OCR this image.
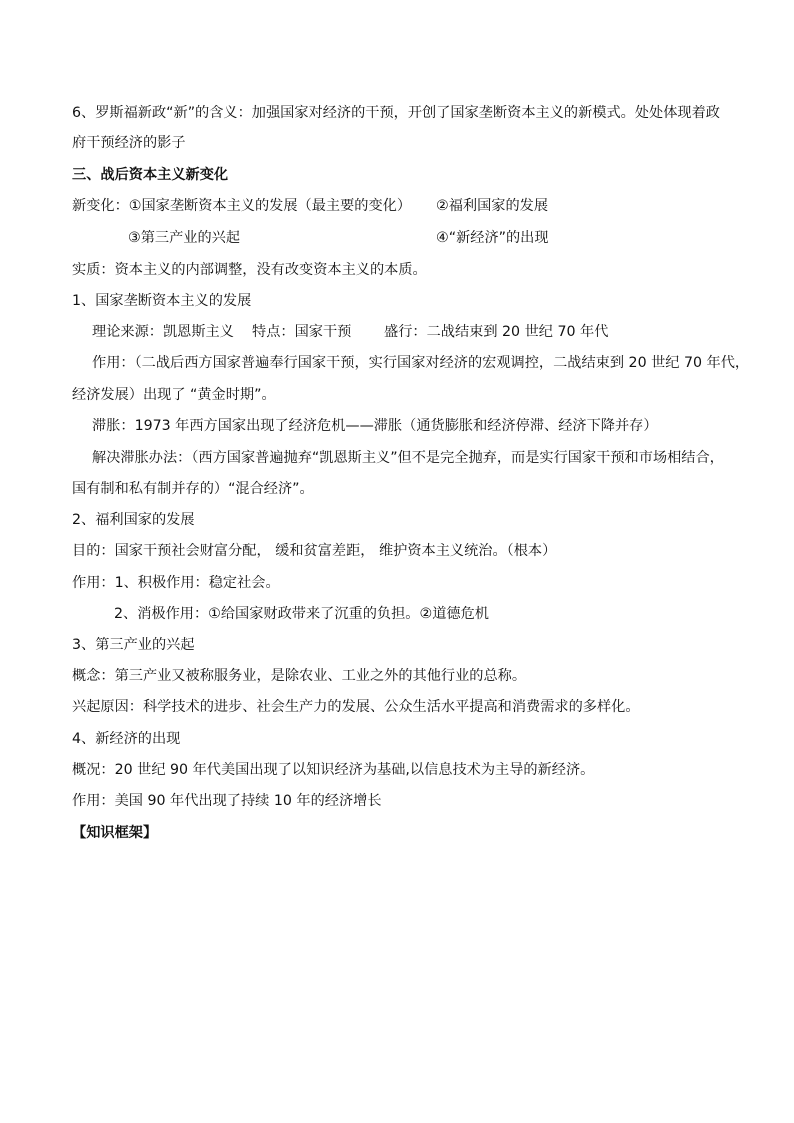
6、罗斯福新政“新”的含义：加强国家对经济的干预，开创了国家垄断资本主义的新模式。处处体现着政
府干预经济的影子
三、战后资本主义新变化
新变化：①国家垄断资本主义的发展（最主要的变化） ②福利国家的发展
③第三产业的兴起	④“新经济”的出现
实质：资本主义的内部调整，没有改变资本主义的本质。
1、国家垄断资本主义的发展
理论来源：凯恩斯主义 特点：国家干预 盛行：二战结束到 20 世纪 70 年代
作用：（二战后西方国家普遍奉行国家干预，实行国家对经济的宏观调控，二战结束到 20 世纪 70 年代，
经济发展）出现了 “黄金时期”。
滞胀：1973 年西方国家出现了经济危机——滞胀（通货膨胀和经济停滞、经济下降并存）
解决滞胀办法：（西方国家普遍抛弃“凯恩斯主义”但不是完全抛弃，而是实行国家干预和市场相结合，
国有制和私有制并存的）“混合经济”。
2、福利国家的发展
目的：国家干预社会财富分配， 缓和贫富差距， 维护资本主义统治。（根本）
作用：1、积极作用：稳定社会。
2、消极作用：①给国家财政带来了沉重的负担。②道德危机
3、第三产业的兴起
概念：第三产业又被称服务业，是除农业、工业之外的其他行业的总称。
兴起原因：科学技术的进步、社会生产力的发展、公众生活水平提高和消费需求的多样化。
4、新经济的出现
概况：20 世纪 90 年代美国出现了以知识经济为基础,以信息技术为主导的新经济。
作用：美国 90 年代出现了持续 10 年的经济增长
【知识框架】
